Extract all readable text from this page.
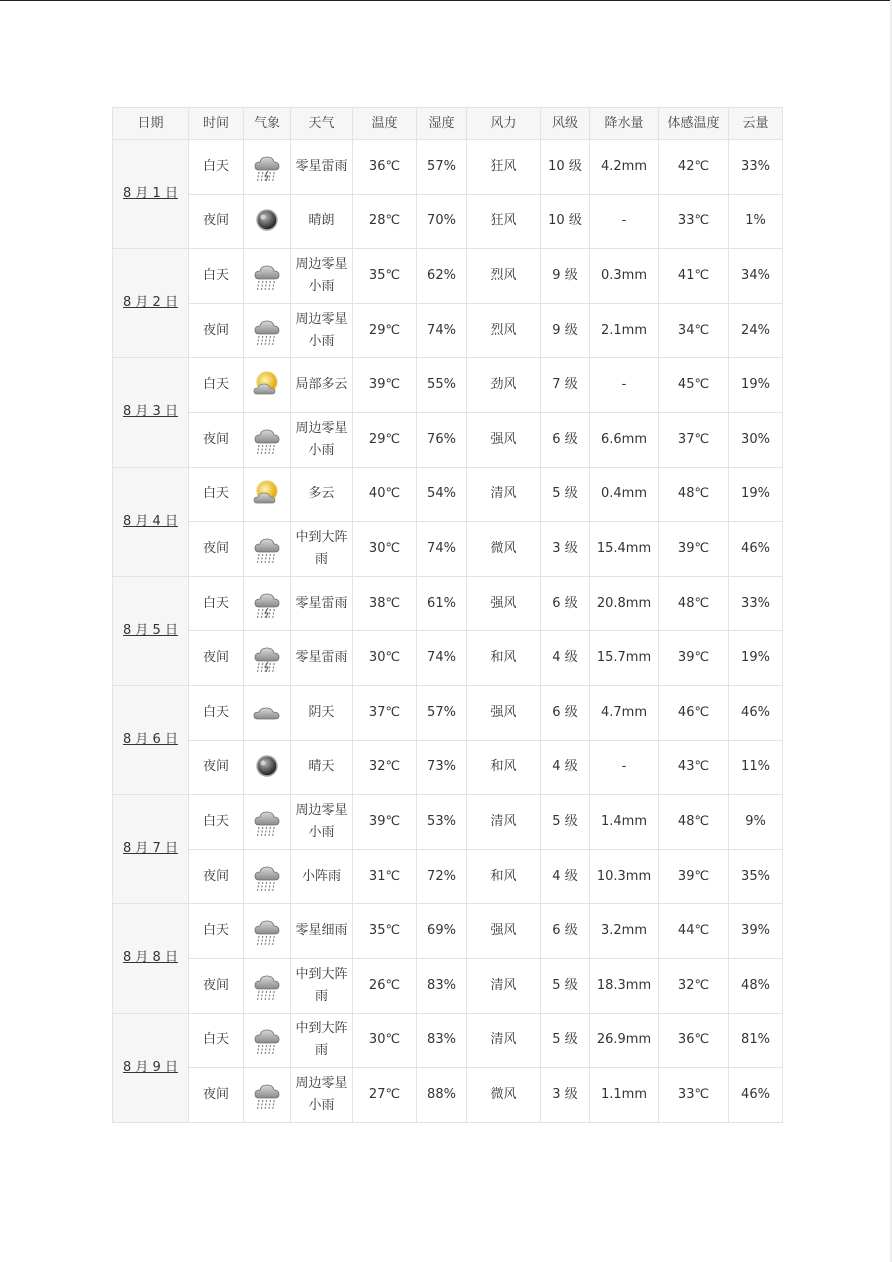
日期	时间	气象	天气	温度	湿度	风力	风级	降水量	体感温度	云量
8 月 1 日	白天		零星雷雨	36℃	57%	狂风	10 级	4.2mm	42℃	33%
	夜间		晴朗	28℃	70%	狂风	10 级	-	33℃	1%
8 月 2 日	白天		周边零星小雨	35℃	62%	烈风	9 级	0.3mm	41℃	34%
	夜间		周边零星小雨	29℃	74%	烈风	9 级	2.1mm	34℃	24%
8 月 3 日	白天		局部多云	39℃	55%	劲风	7 级	-	45℃	19%
	夜间		周边零星小雨	29℃	76%	强风	6 级	6.6mm	37℃	30%
8 月 4 日	白天		多云	40℃	54%	清风	5 级	0.4mm	48℃	19%
	夜间		中到大阵雨	30℃	74%	微风	3 级	15.4mm	39℃	46%
8 月 5 日	白天		零星雷雨	38℃	61%	强风	6 级	20.8mm	48℃	33%
	夜间		零星雷雨	30℃	74%	和风	4 级	15.7mm	39℃	19%
8 月 6 日	白天		阴天	37℃	57%	强风	6 级	4.7mm	46℃	46%
	夜间		晴天	32℃	73%	和风	4 级	-	43℃	11%
8 月 7 日	白天		周边零星小雨	39℃	53%	清风	5 级	1.4mm	48℃	9%
	夜间		小阵雨	31℃	72%	和风	4 级	10.3mm	39℃	35%
8 月 8 日	白天		零星细雨	35℃	69%	强风	6 级	3.2mm	44℃	39%
	夜间		中到大阵雨	26℃	83%	清风	5 级	18.3mm	32℃	48%
8 月 9 日	白天		中到大阵雨	30℃	83%	清风	5 级	26.9mm	36℃	81%
	夜间		周边零星小雨	27℃	88%	微风	3 级	1.1mm	33℃	46%
